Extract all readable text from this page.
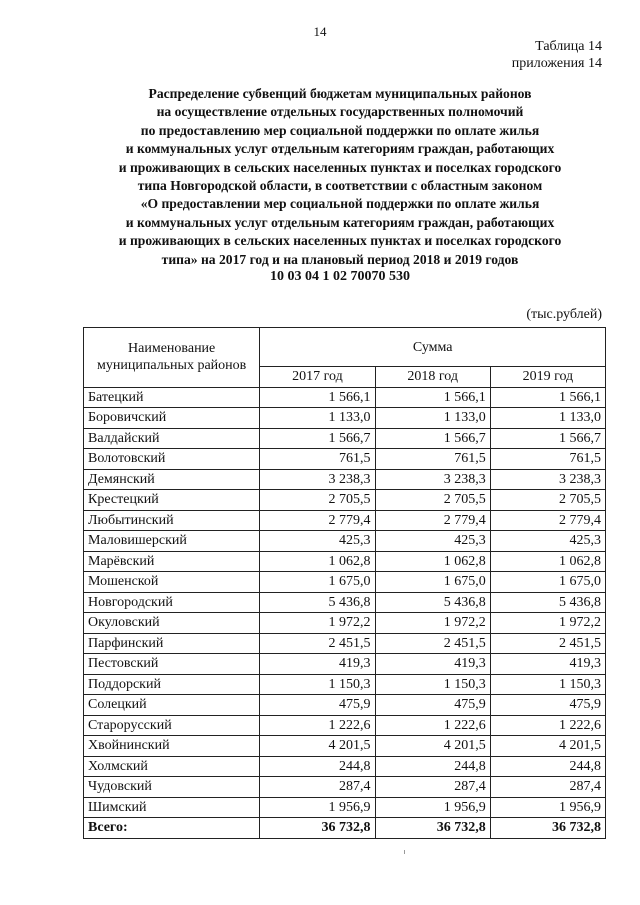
14
Таблица 14
приложения 14
Распределение субвенций бюджетам муниципальных районов
на осуществление отдельных государственных полномочий
по предоставлению мер социальной поддержки по оплате жилья
и коммунальных услуг отдельным категориям граждан, работающих
и проживающих в сельских населенных пунктах и поселках городского
типа Новгородской области, в соответствии с областным законом
«О предоставлении мер социальной поддержки по оплате жилья
и коммунальных услуг отдельным категориям граждан, работающих
и проживающих в сельских населенных пунктах и поселках городского
типа» на 2017 год и на плановый период 2018 и 2019 годов
10 03 04 1 02 70070 530
(тыс.рублей)
Наименование муниципальных районов	Сумма		
	2017 год	2018 год	2019 год
Батецкий	1 566,1	1 566,1	1 566,1
Боровичский	1 133,0	1 133,0	1 133,0
Валдайский	1 566,7	1 566,7	1 566,7
Волотовский	761,5	761,5	761,5
Демянский	3 238,3	3 238,3	3 238,3
Крестецкий	2 705,5	2 705,5	2 705,5
Любытинский	2 779,4	2 779,4	2 779,4
Маловишерский	425,3	425,3	425,3
Марёвский	1 062,8	1 062,8	1 062,8
Мошенской	1 675,0	1 675,0	1 675,0
Новгородский	5 436,8	5 436,8	5 436,8
Окуловский	1 972,2	1 972,2	1 972,2
Парфинский	2 451,5	2 451,5	2 451,5
Пестовский	419,3	419,3	419,3
Поддорский	1 150,3	1 150,3	1 150,3
Солецкий	475,9	475,9	475,9
Старорусский	1 222,6	1 222,6	1 222,6
Хвойнинский	4 201,5	4 201,5	4 201,5
Холмский	244,8	244,8	244,8
Чудовский	287,4	287,4	287,4
Шимский	1 956,9	1 956,9	1 956,9
Всего:	36 732,8	36 732,8	36 732,8
